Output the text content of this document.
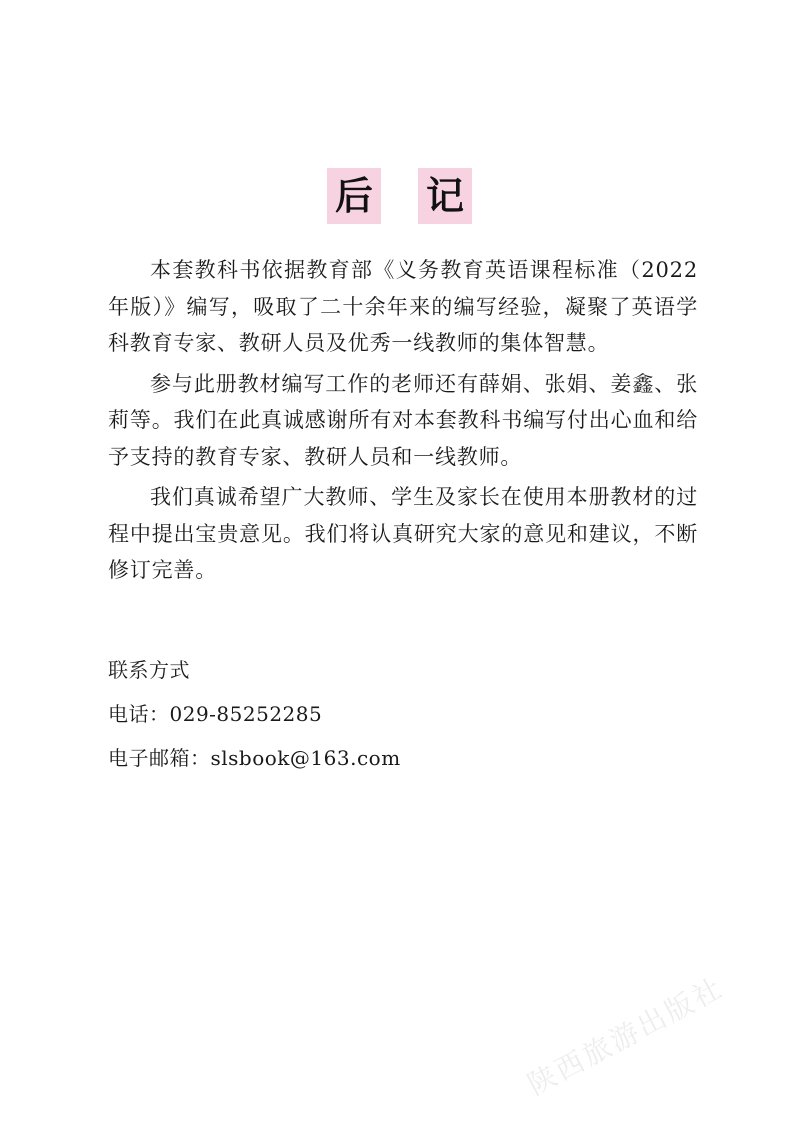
后 记

本套教科书依据教育部《义务教育英语课程标准（2022年版）》编写，吸取了二十余年来的编写经验，凝聚了英语学科教育专家、教研人员及优秀一线教师的集体智慧。

参与此册教材编写工作的老师还有薛娟、张娟、姜鑫、张莉等。我们在此真诚感谢所有对本套教科书编写付出心血和给予支持的教育专家、教研人员和一线教师。

我们真诚希望广大教师、学生及家长在使用本册教材的过程中提出宝贵意见。我们将认真研究大家的意见和建议，不断修订完善。

联系方式

电话：029-85252285

电子邮箱：slsbook@163.com

陕西旅游出版社
